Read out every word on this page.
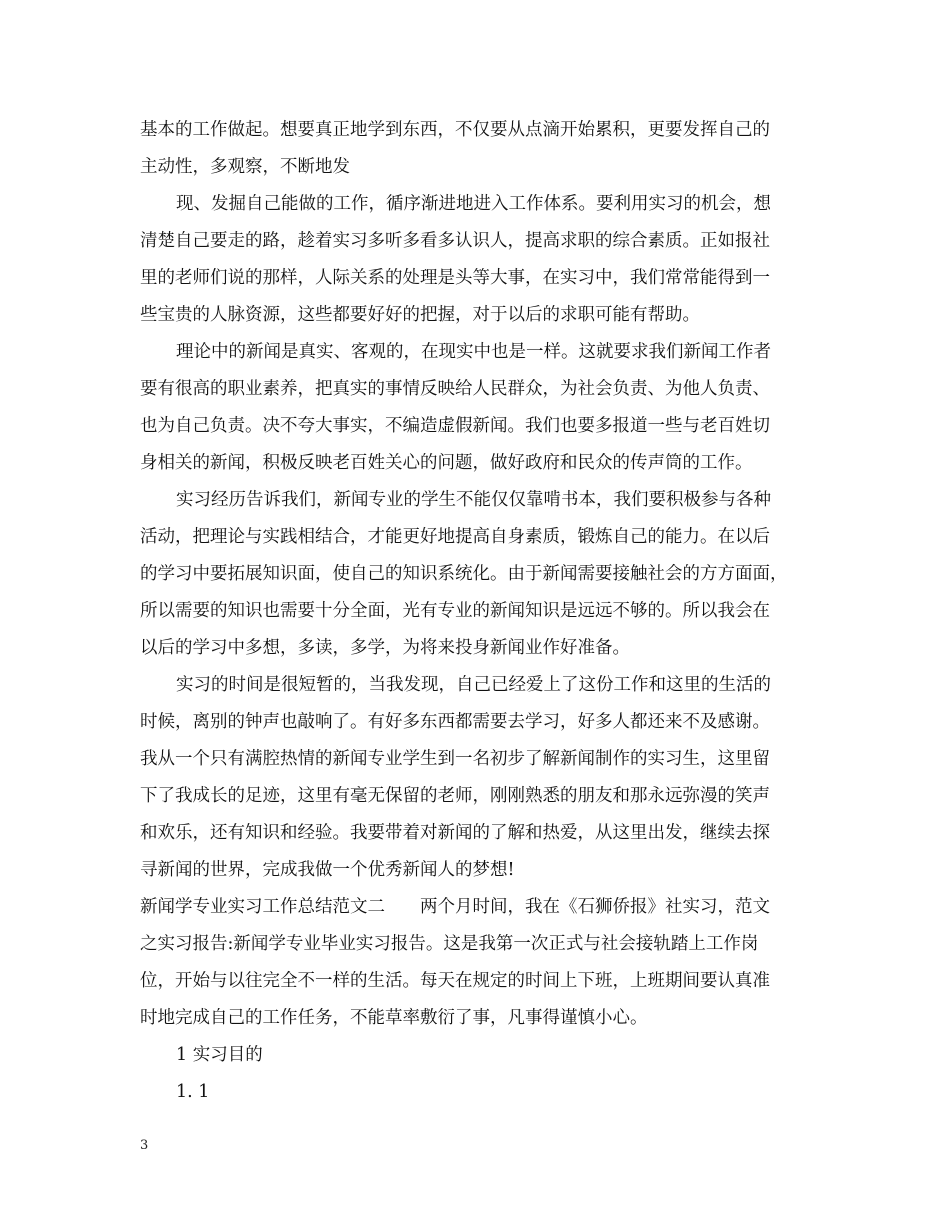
基本的工作做起。想要真正地学到东西，不仅要从点滴开始累积，更要发挥自己的
主动性，多观察，不断地发
现、发掘自己能做的工作，循序渐进地进入工作体系。要利用实习的机会，想
清楚自己要走的路，趁着实习多听多看多认识人，提高求职的综合素质。正如报社
里的老师们说的那样，人际关系的处理是头等大事，在实习中，我们常常能得到一
些宝贵的人脉资源，这些都要好好的把握，对于以后的求职可能有帮助。
理论中的新闻是真实、客观的，在现实中也是一样。这就要求我们新闻工作者
要有很高的职业素养，把真实的事情反映给人民群众，为社会负责、为他人负责、
也为自己负责。决不夸大事实，不编造虚假新闻。我们也要多报道一些与老百姓切
身相关的新闻，积极反映老百姓关心的问题，做好政府和民众的传声筒的工作。
实习经历告诉我们，新闻专业的学生不能仅仅靠啃书本，我们要积极参与各种
活动，把理论与实践相结合，才能更好地提高自身素质，锻炼自己的能力。在以后
的学习中要拓展知识面，使自己的知识系统化。由于新闻需要接触社会的方方面面，
所以需要的知识也需要十分全面，光有专业的新闻知识是远远不够的。所以我会在
以后的学习中多想，多读，多学，为将来投身新闻业作好准备。
实习的时间是很短暂的，当我发现，自己已经爱上了这份工作和这里的生活的
时候，离别的钟声也敲响了。有好多东西都需要去学习，好多人都还来不及感谢。
我从一个只有满腔热情的新闻专业学生到一名初步了解新闻制作的实习生，这里留
下了我成长的足迹，这里有毫无保留的老师，刚刚熟悉的朋友和那永远弥漫的笑声
和欢乐，还有知识和经验。我要带着对新闻的了解和热爱，从这里出发，继续去探
寻新闻的世界，完成我做一个优秀新闻人的梦想!
新闻学专业实习工作总结范文二　　两个月时间，我在《石狮侨报》社实习，范文
之实习报告:新闻学专业毕业实习报告。这是我第一次正式与社会接轨踏上工作岗
位，开始与以往完全不一样的生活。每天在规定的时间上下班，上班期间要认真准
时地完成自己的工作任务，不能草率敷衍了事，凡事得谨慎小心。
1 实习目的
1. 1
3
